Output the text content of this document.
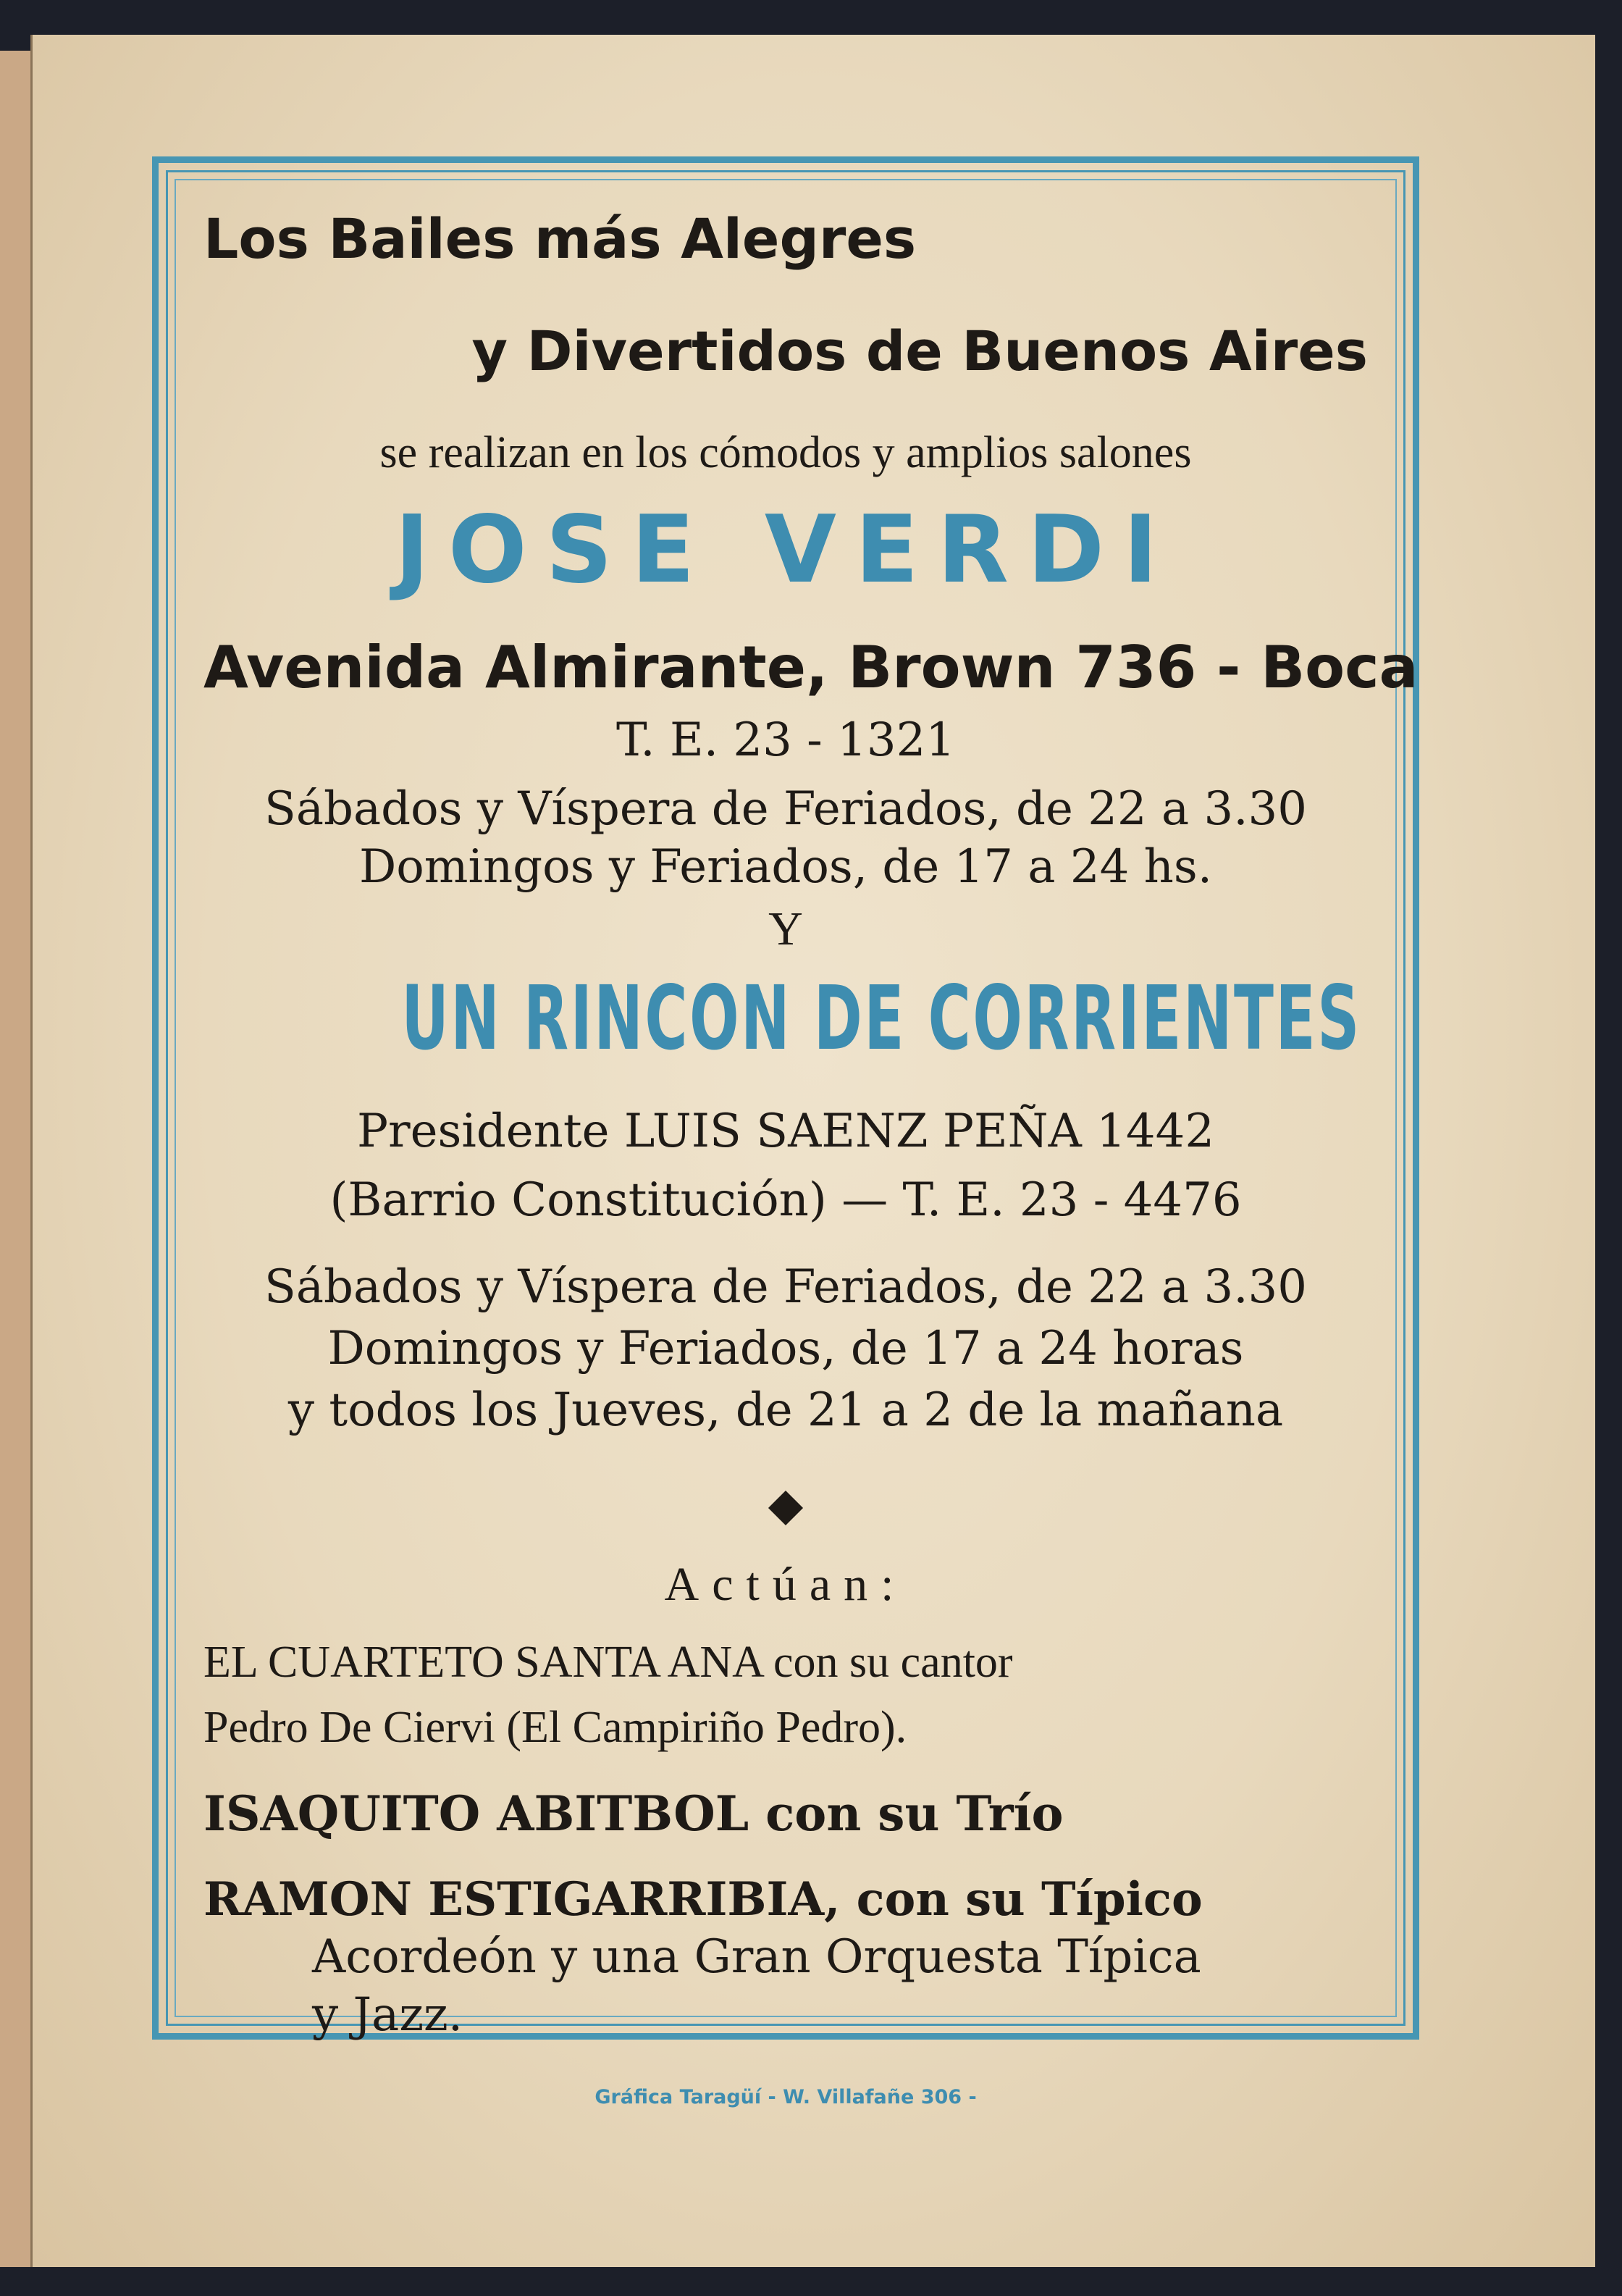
Los Bailes más Alegres
y Divertidos de Buenos Aires
se realizan en los cómodos y amplios salones
JOSE VERDI
Avenida Almirante, Brown 736 - Boca
T. E. 23 - 1321
Sábados y Víspera de Feriados, de 22 a 3.30
Domingos y Feriados, de 17 a 24 hs.
Y
UN RINCON DE CORRIENTES
Presidente LUIS SAENZ PEÑA 1442
(Barrio Constitución) — T. E. 23 - 4476
Sábados y Víspera de Feriados, de 22 a 3.30
Domingos y Feriados, de 17 a 24 horas
y todos los Jueves, de 21 a 2 de la mañana
Actúan:
EL CUARTETO SANTA ANA con su cantor
Pedro De Ciervi (El Campiriño Pedro).
ISAQUITO ABITBOL con su Trío
RAMON ESTIGARRIBIA, con su Típico
Acordeón y una Gran Orquesta Típica
y Jazz.
Gráfica Taragüí - W. Villafañe 306 -
